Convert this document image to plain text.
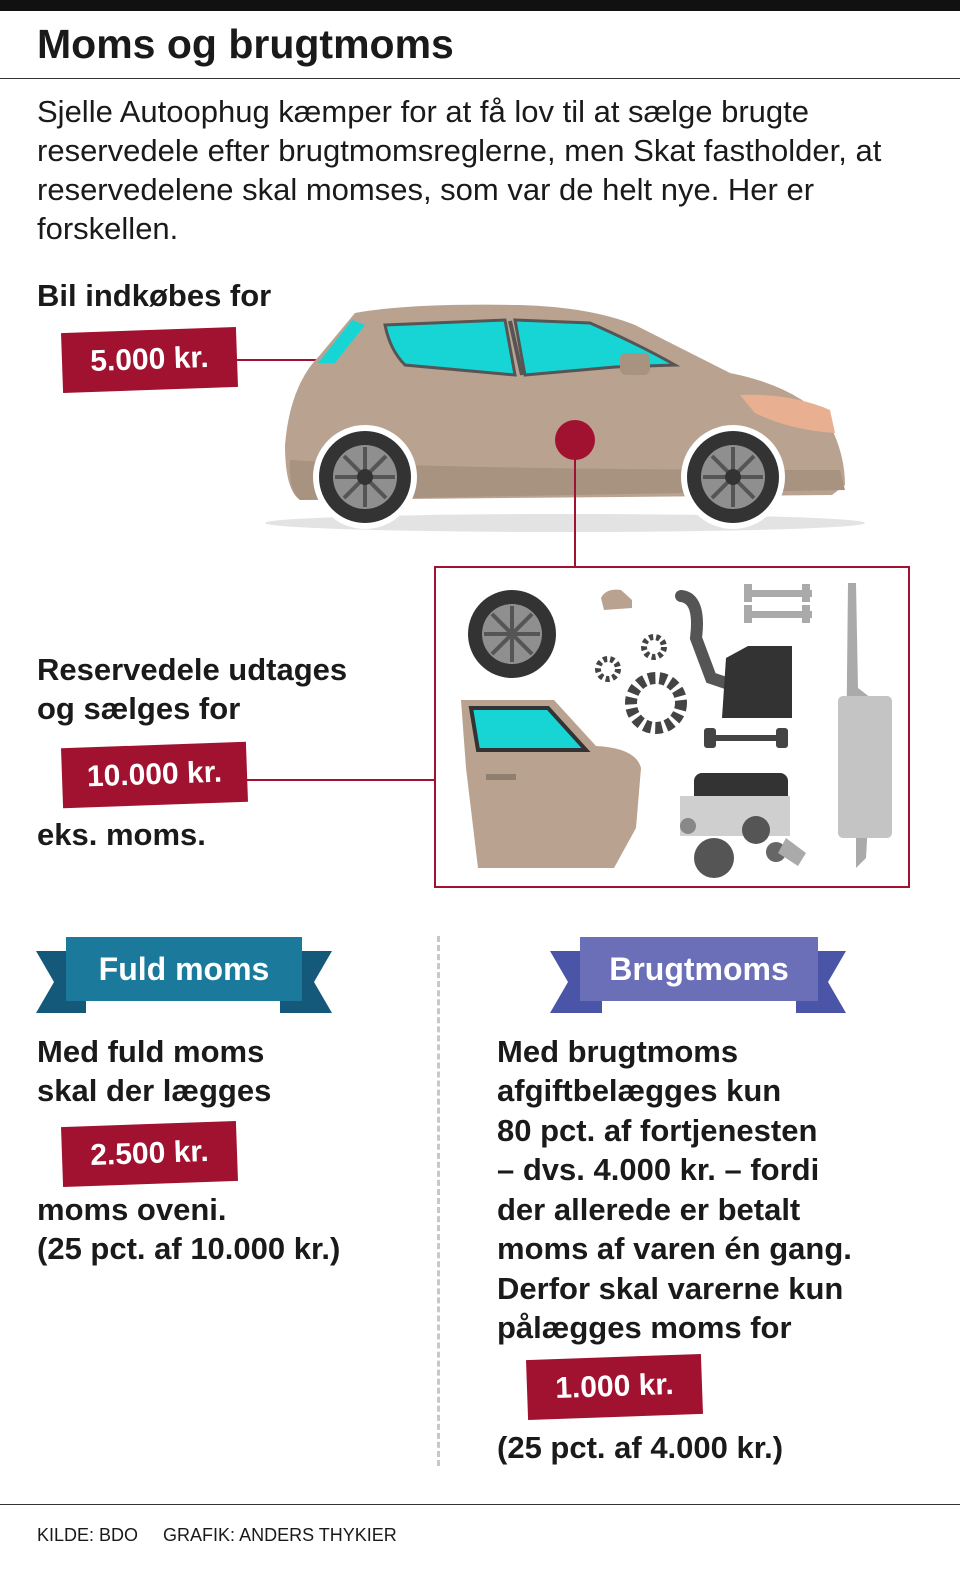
Moms og brugtmoms

Sjelle Autoophug kæmper for at få lov til at sælge brugte reservedele efter brugtmomsreglerne, men Skat fastholder, at reservedelene skal momses, som var de helt nye. Her er forskellen.

Bil indkøbes for

5.000 kr.

Reservedele udtages

og sælges for

10.000 kr.

eks. moms.

Fuld moms	Brugtmoms

Med fuld moms

skal der lægges

2.500 kr.

moms oveni.

(25 pct. af 10.000 kr.)

Med brugtmoms

afgiftbelægges kun

80 pct. af fortjenesten

– dvs. 4.000 kr. – fordi

der allerede er betalt

moms af varen én gang.

Derfor skal varerne kun

pålægges moms for

1.000 kr.

(25 pct. af 4.000 kr.)

KILDE: BDO GRAFIK: ANDERS THYKIER
